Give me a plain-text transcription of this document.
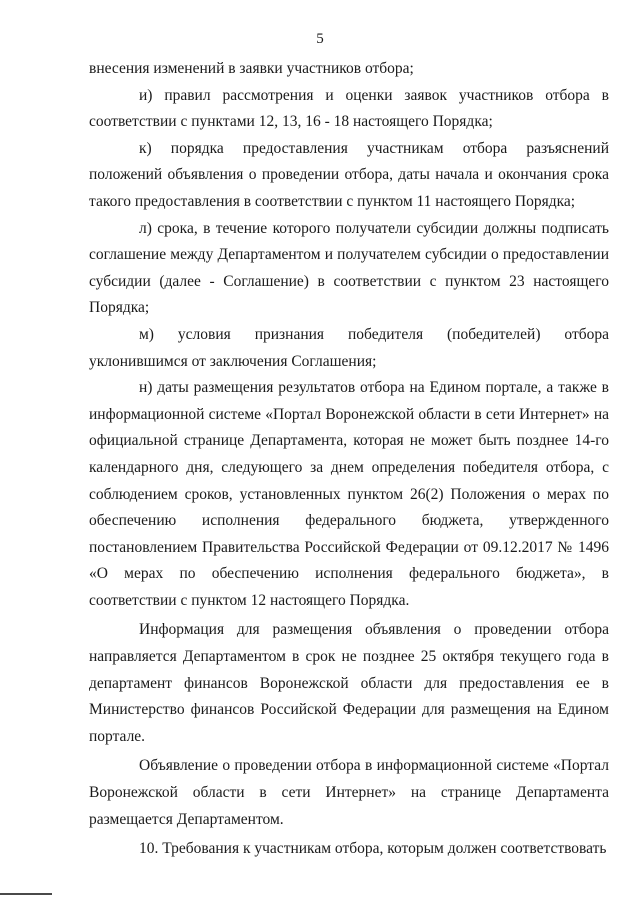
5

внесения изменений в заявки участников отбора;

и) правил рассмотрения и оценки заявок участников отбора в соответствии с пунктами 12, 13, 16 - 18 настоящего Порядка;

к) порядка предоставления участникам отбора разъяснений положений объявления о проведении отбора, даты начала и окончания срока такого предоставления в соответствии с пунктом 11 настоящего Порядка;

л) срока, в течение которого получатели субсидии должны подписать соглашение между Департаментом и получателем субсидии о предоставлении субсидии (далее - Соглашение) в соответствии с пунктом 23 настоящего Порядка;

м) условия признания победителя (победителей) отбора уклонившимся от заключения Соглашения;

н) даты размещения результатов отбора на Едином портале, а также в информационной системе «Портал Воронежской области в сети Интернет» на официальной странице Департамента, которая не может быть позднее 14-го календарного дня, следующего за днем определения победителя отбора, с соблюдением сроков, установленных пунктом 26(2) Положения о мерах по обеспечению исполнения федерального бюджета, утвержденного постановлением Правительства Российской Федерации от 09.12.2017 № 1496 «О мерах по обеспечению исполнения федерального бюджета», в соответствии с пунктом 12 настоящего Порядка.

Информация для размещения объявления о проведении отбора направляется Департаментом в срок не позднее 25 октября текущего года в департамент финансов Воронежской области для предоставления ее в Министерство финансов Российской Федерации для размещения на Едином портале.

Объявление о проведении отбора в информационной системе «Портал Воронежской области в сети Интернет» на странице Департамента размещается Департаментом.

10. Требования к участникам отбора, которым должен соответствовать
